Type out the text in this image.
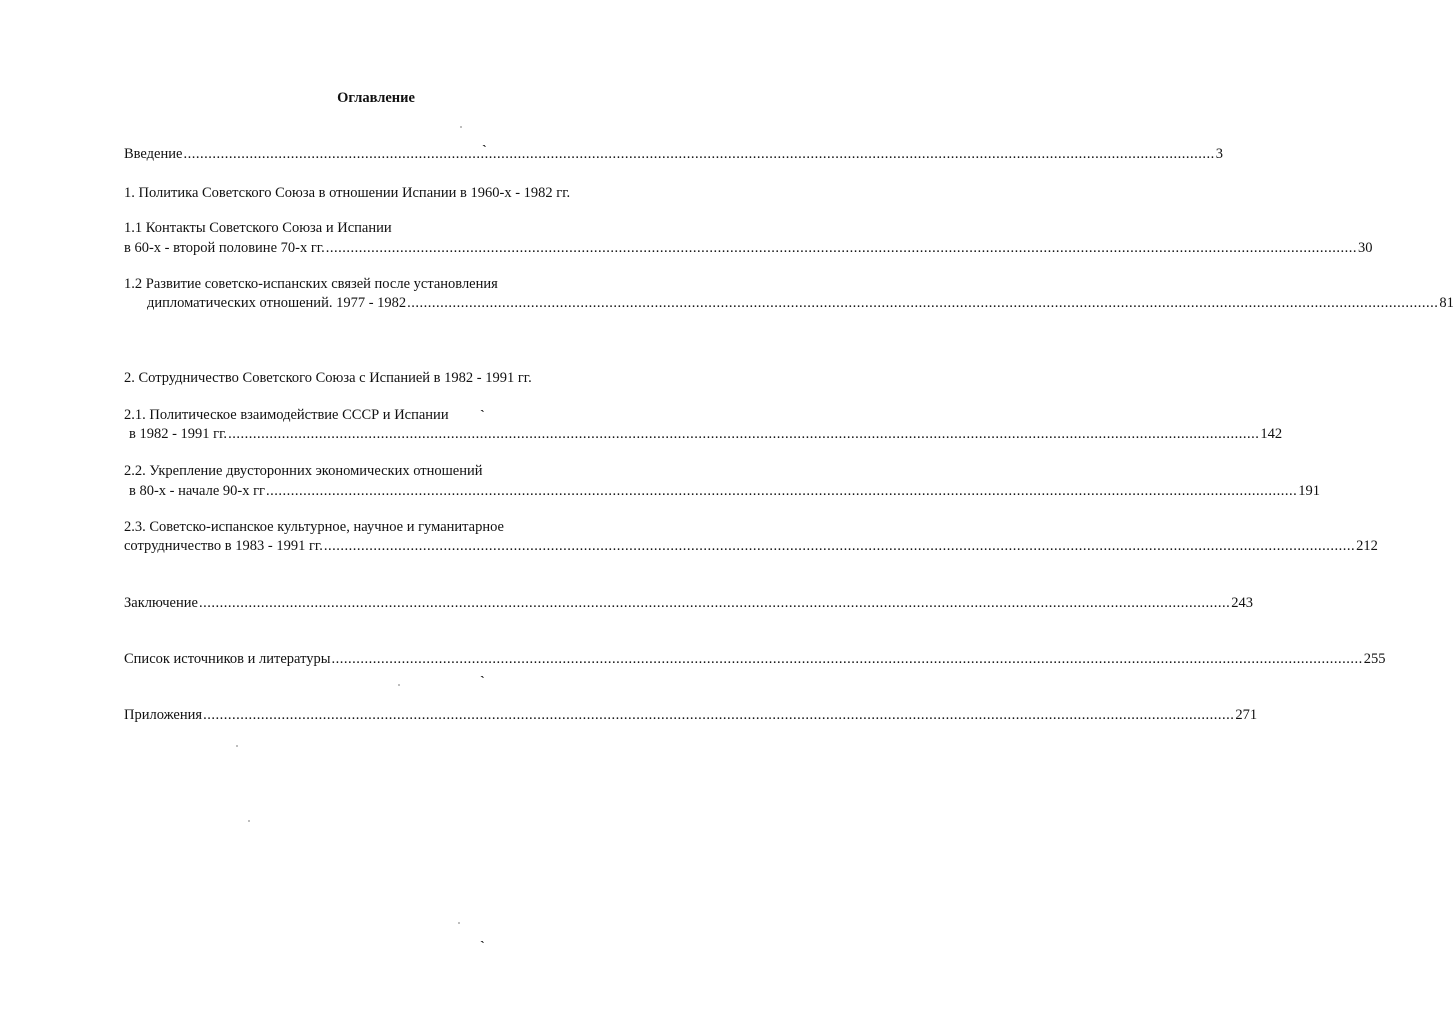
Оглавление
Введение .......................................................................................................................................................................................................................................................... 3
1. Политика Советского Союза в отношении Испании в 1960-х - 1982 гг.
1.1 Контакты Советского Союза и Испании
в 60-х - второй половине 70-х гг. .......................................................................................................................................................................................................................................................... 30
1.2 Развитие советско-испанских связей после установления
дипломатических отношений. 1977 - 1982 .......................................................................................................................................................................................................................................................... 81
2. Сотрудничество Советского Союза с Испанией в 1982 - 1991 гг.
2.1. Политическое взаимодействие СССР и Испании
в 1982 - 1991 гг. .......................................................................................................................................................................................................................................................... 142
2.2. Укрепление двусторонних экономических отношений
в 80-х - начале 90-х гг .......................................................................................................................................................................................................................................................... 191
2.3. Советско-испанское культурное, научное и гуманитарное
сотрудничество в 1983 - 1991 гг. .......................................................................................................................................................................................................................................................... 212
Заключение .......................................................................................................................................................................................................................................................... 243
Список источников и литературы .......................................................................................................................................................................................................................................................... 255
Приложения .......................................................................................................................................................................................................................................................... 271
ˎ
ˎ
ˎ
ˎ
